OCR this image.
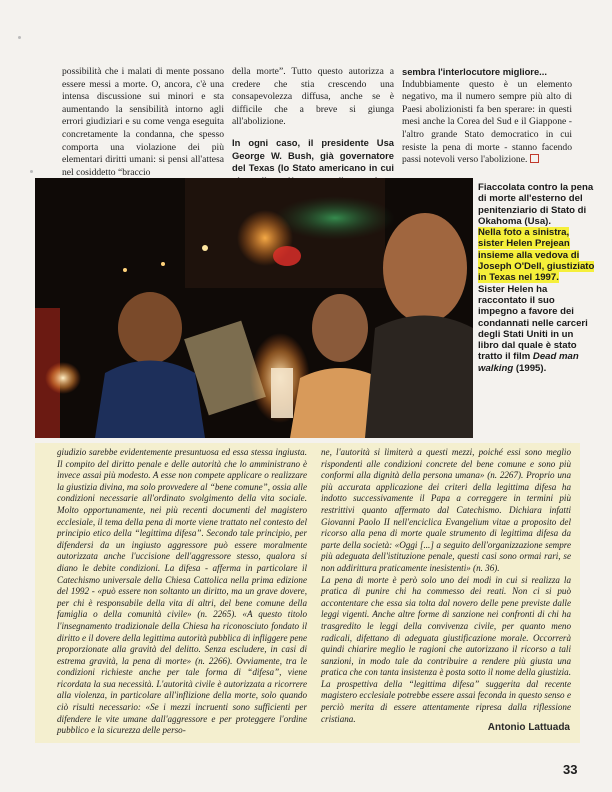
possibilità che i malati di mente possano essere messi a morte. O, ancora, c'è una intensa discussione sui minori e sta aumentando la sensibilità intorno agli errori giudiziari e su come venga eseguita concretamente la condanna, che spesso comporta una violazione dei più elementari diritti umani: si pensi all'attesa nel cosiddetto “braccio

della morte”. Tutto questo autorizza a credere che stia crescendo una consapevolezza diffusa, anche se è difficile che a breve si giunga all'abolizione.

In ogni caso, il presidente Usa George W. Bush, già governatore del Texas (lo Stato americano in cui

sembra l'interlocutore migliore...

Indubbiamente questo è un elemento negativo, ma il numero sempre più alto di Paesi abolizionisti fa ben sperare: in questi mesi anche la Corea del Sud e il Giappone - l'altro grande Stato democratico in cui resiste la pena di morte - stanno facendo passi notevoli verso l'abolizione.

Fiaccolata contro la pena di morte all'esterno del penitenziario di Stato di Okahoma (Usa).

Nella foto a sinistra, sister Helen Prejean insieme alla vedova di Joseph O'Dell, giustiziato in Texas nel 1997.

Sister Helen ha raccontato il suo impegno a favore dei condannati nelle carceri degli Stati Uniti in un libro dal quale è stato tratto il film Dead man walking (1995).

giudizio sarebbe evidentemente presuntuosa ed essa stessa ingiusta. Il compito del diritto penale e delle autorità che lo amministrano è invece assai più modesto. A esse non compete applicare o realizzare la giustizia divina, ma solo provvedere al “bene comune”, ossia alle condizioni necessarie all'ordinato svolgimento della vita sociale. Molto opportunamente, nei più recenti documenti del magistero ecclesiale, il tema della pena di morte viene trattato nel contesto del principio etico della “legittima difesa”. Secondo tale principio, per difendersi da un ingiusto aggressore può essere moralmente autorizzata anche l'uccisione dell'aggressore stesso, qualora si diano le debite condizioni. La difesa - afferma in particolare il Catechismo universale della Chiesa Cattolica nella prima edizione del 1992 - «può essere non soltanto un diritto, ma un grave dovere, per chi è responsabile della vita di altri, del bene comune della famiglia o della comunità civile» (n. 2265). «A questo titolo l'insegnamento tradizionale della Chiesa ha riconosciuto fondato il diritto e il dovere della legittima autorità pubblica di infliggere pene proporzionate alla gravità del delitto. Senza escludere, in casi di estrema gravità, la pena di morte» (n. 2266). Ovviamente, tra le condizioni richieste anche per tale forma di “difesa”, viene ricordata la sua necessità. L'autorità civile è autorizzata a ricorrere alla violenza, in particolare all'inflizione della morte, solo quando ciò risulti necessario: «Se i mezzi incruenti sono sufficienti per difendere le vite umane dall'aggressore e per proteggere l'ordine pubblico e la sicurezza delle perso-

ne, l'autorità si limiterà a questi mezzi, poiché essi sono meglio rispondenti alle condizioni concrete del bene comune e sono più conformi alla dignità della persona umana» (n. 2267). Proprio una più accurata applicazione dei criteri della legittima difesa ha indotto successivamente il Papa a correggere in termini più restrittivi quanto affermato dal Catechismo. Dichiara infatti Giovanni Paolo II nell'enciclica Evangelium vitae a proposito del ricorso alla pena di morte quale strumento di legittima difesa da parte della società: «Oggi [...] a seguito dell'organizzazione sempre più adeguata dell'istituzione penale, questi casi sono ormai rari, se non addirittura praticamente inesistenti» (n. 36).

La pena di morte è però solo uno dei modi in cui si realizza la pratica di punire chi ha commesso dei reati. Non ci si può accontentare che essa sia tolta dal novero delle pene previste dalle leggi vigenti. Anche altre forme di sanzione nei confronti di chi ha trasgredito le leggi della convivenza civile, per quanto meno radicali, difettano di adeguata giustificazione morale. Occorrerà quindi chiarire meglio le ragioni che autorizzano il ricorso a tali sanzioni, in modo tale da contribuire a rendere più giusta una pratica che con tanta insistenza è posta sotto il nome della giustizia. La prospettiva della “legittima difesa” suggerita dal recente magistero ecclesiale potrebbe essere assai feconda in questo senso e perciò merita di essere attentamente ripresa dalla riflessione cristiana.

Antonio Lattuada
33
